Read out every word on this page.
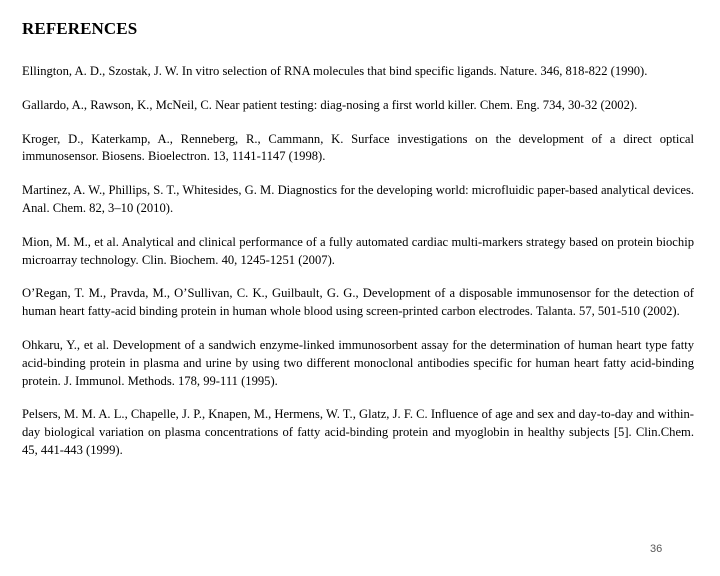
REFERENCES
Ellington, A. D., Szostak, J. W. In vitro selection of RNA molecules that bind specific ligands. Nature. 346, 818-822 (1990).
Gallardo, A., Rawson, K., McNeil, C. Near patient testing: diag-nosing a first world killer. Chem. Eng. 734, 30-32 (2002).
Kroger, D., Katerkamp, A., Renneberg, R., Cammann, K. Surface investigations on the development of a direct optical immunosensor. Biosens. Bioelectron. 13, 1141-1147 (1998).
Martinez, A. W., Phillips, S. T., Whitesides, G. M. Diagnostics for the developing world: microfluidic paper-based analytical devices. Anal. Chem. 82, 3–10 (2010).
Mion, M. M., et al. Analytical and clinical performance of a fully automated cardiac multi-markers strategy based on protein biochip microarray technology. Clin. Biochem. 40, 1245-1251 (2007).
O’Regan, T. M., Pravda, M., O’Sullivan, C. K., Guilbault, G. G., Development of a disposable immunosensor for the detection of human heart fatty-acid binding protein in human whole blood using screen-printed carbon electrodes. Talanta. 57, 501-510 (2002).
Ohkaru, Y., et al. Development of a sandwich enzyme-linked immunosorbent assay for the determination of human heart type fatty acid-binding protein in plasma and urine by using two different monoclonal antibodies specific for human heart fatty acid-binding protein. J. Immunol. Methods. 178, 99-111 (1995).
Pelsers, M. M. A. L., Chapelle, J. P., Knapen, M., Hermens, W. T., Glatz, J. F. C. Influence of age and sex and day-to-day and within-day biological variation on plasma concentrations of fatty acid-binding protein and myoglobin in healthy subjects [5]. Clin.Chem. 45, 441-443 (1999).
36
